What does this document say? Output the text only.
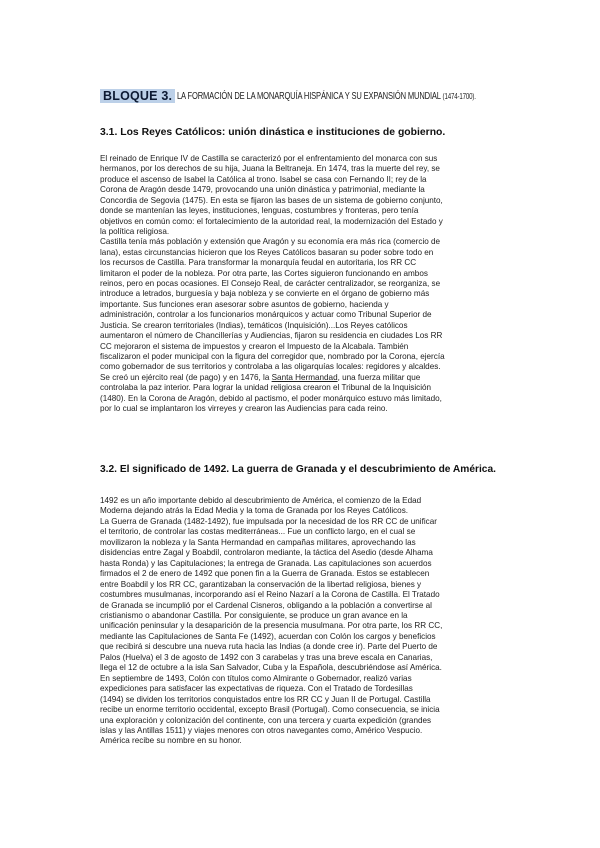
BLOQUE 3. LA FORMACIÓN DE LA MONARQUÍA HISPÁNICA Y SU EXPANSIÓN MUNDIAL (1474-1700).
3.1. Los Reyes Católicos: unión dinástica e instituciones de gobierno.
El reinado de Enrique IV de Castilla se caracterizó por el enfrentamiento del monarca con sus
hermanos, por los derechos de su hija, Juana la Beltraneja. En 1474, tras la muerte del rey, se
produce el ascenso de Isabel la Católica al trono. Isabel se casa con Fernando II; rey de la
Corona de Aragón desde 1479, provocando una unión dinástica y patrimonial, mediante la
Concordia de Segovia (1475). En esta se fijaron las bases de un sistema de gobierno conjunto,
donde se mantenían las leyes, instituciones, lenguas, costumbres y fronteras, pero tenía
objetivos en común como: el fortalecimiento de la autoridad real, la modernización del Estado y
la política religiosa.
Castilla tenía más población y extensión que Aragón y su economía era más rica (comercio de
lana), estas circunstancias hicieron que los Reyes Católicos basaran su poder sobre todo en
los recursos de Castilla. Para transformar la monarquía feudal en autoritaria, los RR CC
limitaron el poder de la nobleza. Por otra parte, las Cortes siguieron funcionando en ambos
reinos, pero en pocas ocasiones. El Consejo Real, de carácter centralizador, se reorganiza, se
introduce a letrados, burguesía y baja nobleza y se convierte en el órgano de gobierno más
importante. Sus funciones eran asesorar sobre asuntos de gobierno, hacienda y
administración, controlar a los funcionarios monárquicos y actuar como Tribunal Superior de
Justicia. Se crearon territoriales (Indias), temáticos (Inquisición)...Los Reyes católicos
aumentaron el número de Chancillerías y Audiencias, fijaron su residencia en ciudades Los RR
CC mejoraron el sistema de impuestos y crearon el Impuesto de la Alcabala. También
fiscalizaron el poder municipal con la figura del corregidor que, nombrado por la Corona, ejercía
como gobernador de sus territorios y controlaba a las oligarquías locales: regidores y alcaldes.
Se creó un ejército real (de pago) y en 1476, la Santa Hermandad, una fuerza militar que
controlaba la paz interior. Para lograr la unidad religiosa crearon el Tribunal de la Inquisición
(1480). En la Corona de Aragón, debido al pactismo, el poder monárquico estuvo más limitado,
por lo cual se implantaron los virreyes y crearon las Audiencias para cada reino.
3.2. El significado de 1492. La guerra de Granada y el descubrimiento de América.
1492 es un año importante debido al descubrimiento de América, el comienzo de la Edad
Moderna dejando atrás la Edad Media y la toma de Granada por los Reyes Católicos.
La Guerra de Granada (1482-1492), fue impulsada por la necesidad de los RR CC de unificar
el territorio, de controlar las costas mediterráneas... Fue un conflicto largo, en el cual se
movilizaron la nobleza y la Santa Hermandad en campañas militares, aprovechando las
disidencias entre Zagal y Boabdil, controlaron mediante, la táctica del Asedio (desde Alhama
hasta Ronda) y las Capitulaciones; la entrega de Granada. Las capitulaciones son acuerdos
firmados el 2 de enero de 1492 que ponen fin a la Guerra de Granada. Estos se establecen
entre Boabdil y los RR CC, garantizaban la conservación de la libertad religiosa, bienes y
costumbres musulmanas, incorporando así el Reino Nazarí a la Corona de Castilla. El Tratado
de Granada se incumplió por el Cardenal Cisneros, obligando a la población a convertirse al
cristianismo o abandonar Castilla. Por consiguiente, se produce un gran avance en la
unificación peninsular y la desaparición de la presencia musulmana. Por otra parte, los RR CC,
mediante las Capitulaciones de Santa Fe (1492), acuerdan con Colón los cargos y beneficios
que recibirá si descubre una nueva ruta hacia las Indias (a donde cree ir). Parte del Puerto de
Palos (Huelva) el 3 de agosto de 1492 con 3 carabelas y tras una breve escala en Canarias,
llega el 12 de octubre a la isla San Salvador, Cuba y la Española, descubriéndose así América.
En septiembre de 1493, Colón con títulos como Almirante o Gobernador, realizó varias
expediciones para satisfacer las expectativas de riqueza. Con el Tratado de Tordesillas
(1494) se dividen los territorios conquistados entre los RR CC y Juan II de Portugal. Castilla
recibe un enorme territorio occidental, excepto Brasil (Portugal). Como consecuencia, se inicia
una exploración y colonización del continente, con una tercera y cuarta expedición (grandes
islas y las Antillas 1511) y viajes menores con otros navegantes como, Américo Vespucio.
América recibe su nombre en su honor.
